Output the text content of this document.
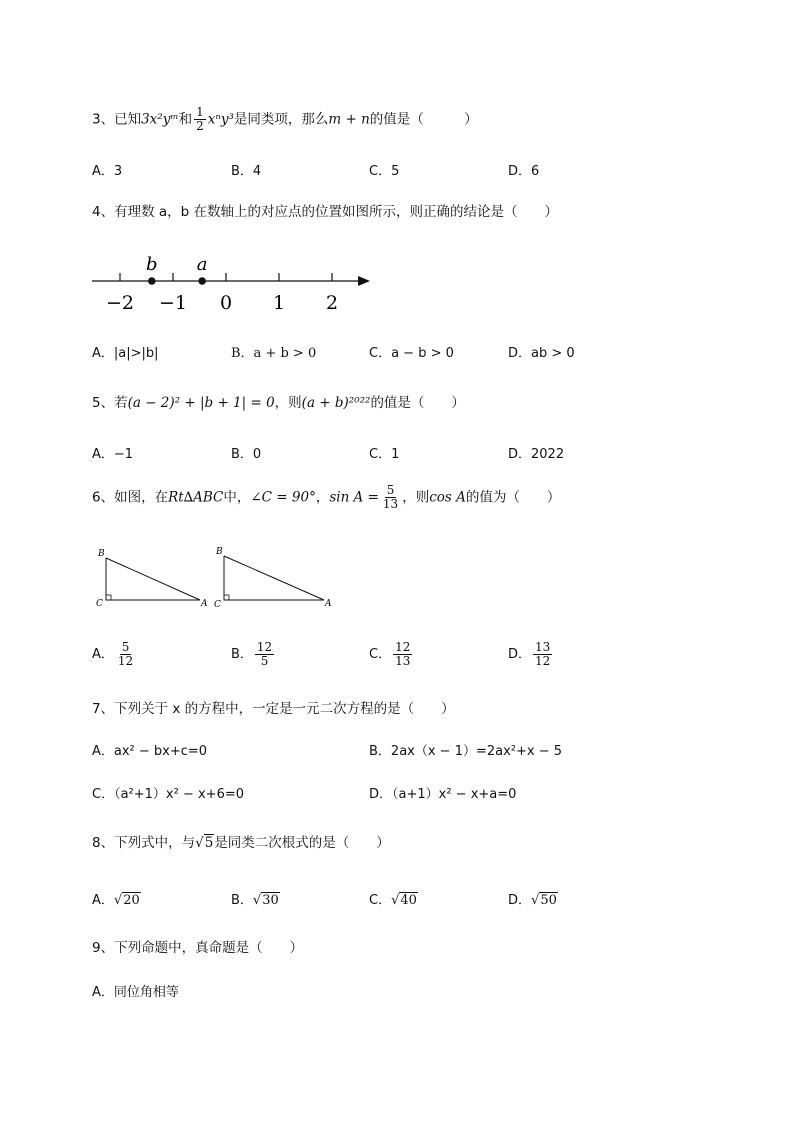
3、已知3x²yᵐ和 $\frac{1}{2} x^ny^3$是同类项，那么m + n的值是（　　　）
A．3	B．4	C．5	D．6
4、有理数 a，b 在数轴上的对应点的位置如图所示，则正确的结论是（　　）
−2 −1 0 1 2
b a
A．|a|>|b|	B．a + b > 0	C．a − b > 0	D．ab > 0
5、若(a − 2)² + |b + 1| = 0，则(a + b)²⁰²²的值是（　　）
A．−1	B．0	C．1	D．2022
6、如图，在Rt∆ABC中，∠C = 90°，$\sin A = \frac{5}{13}$ ，则cos A的值为（　　）
B
C	A
B
C	A
A． $\frac{5}{12}$	B． $\frac{12}{5}$	C． $\frac{12}{13}$	D． $\frac{13}{12}$
7、下列关于 x 的方程中，一定是一元二次方程的是（　　）
A．ax² − bx+c=0	B．2ax（x − 1）=2ax²+x − 5
C．（a²+1）x² − x+6=0	D．（a+1）x² − x+a=0
8、下列式中，与√5是同类二次根式的是（　　）
A．√20	B．√30	C．√40	D．√50
9、下列命题中，真命题是（　　）
A．同位角相等
